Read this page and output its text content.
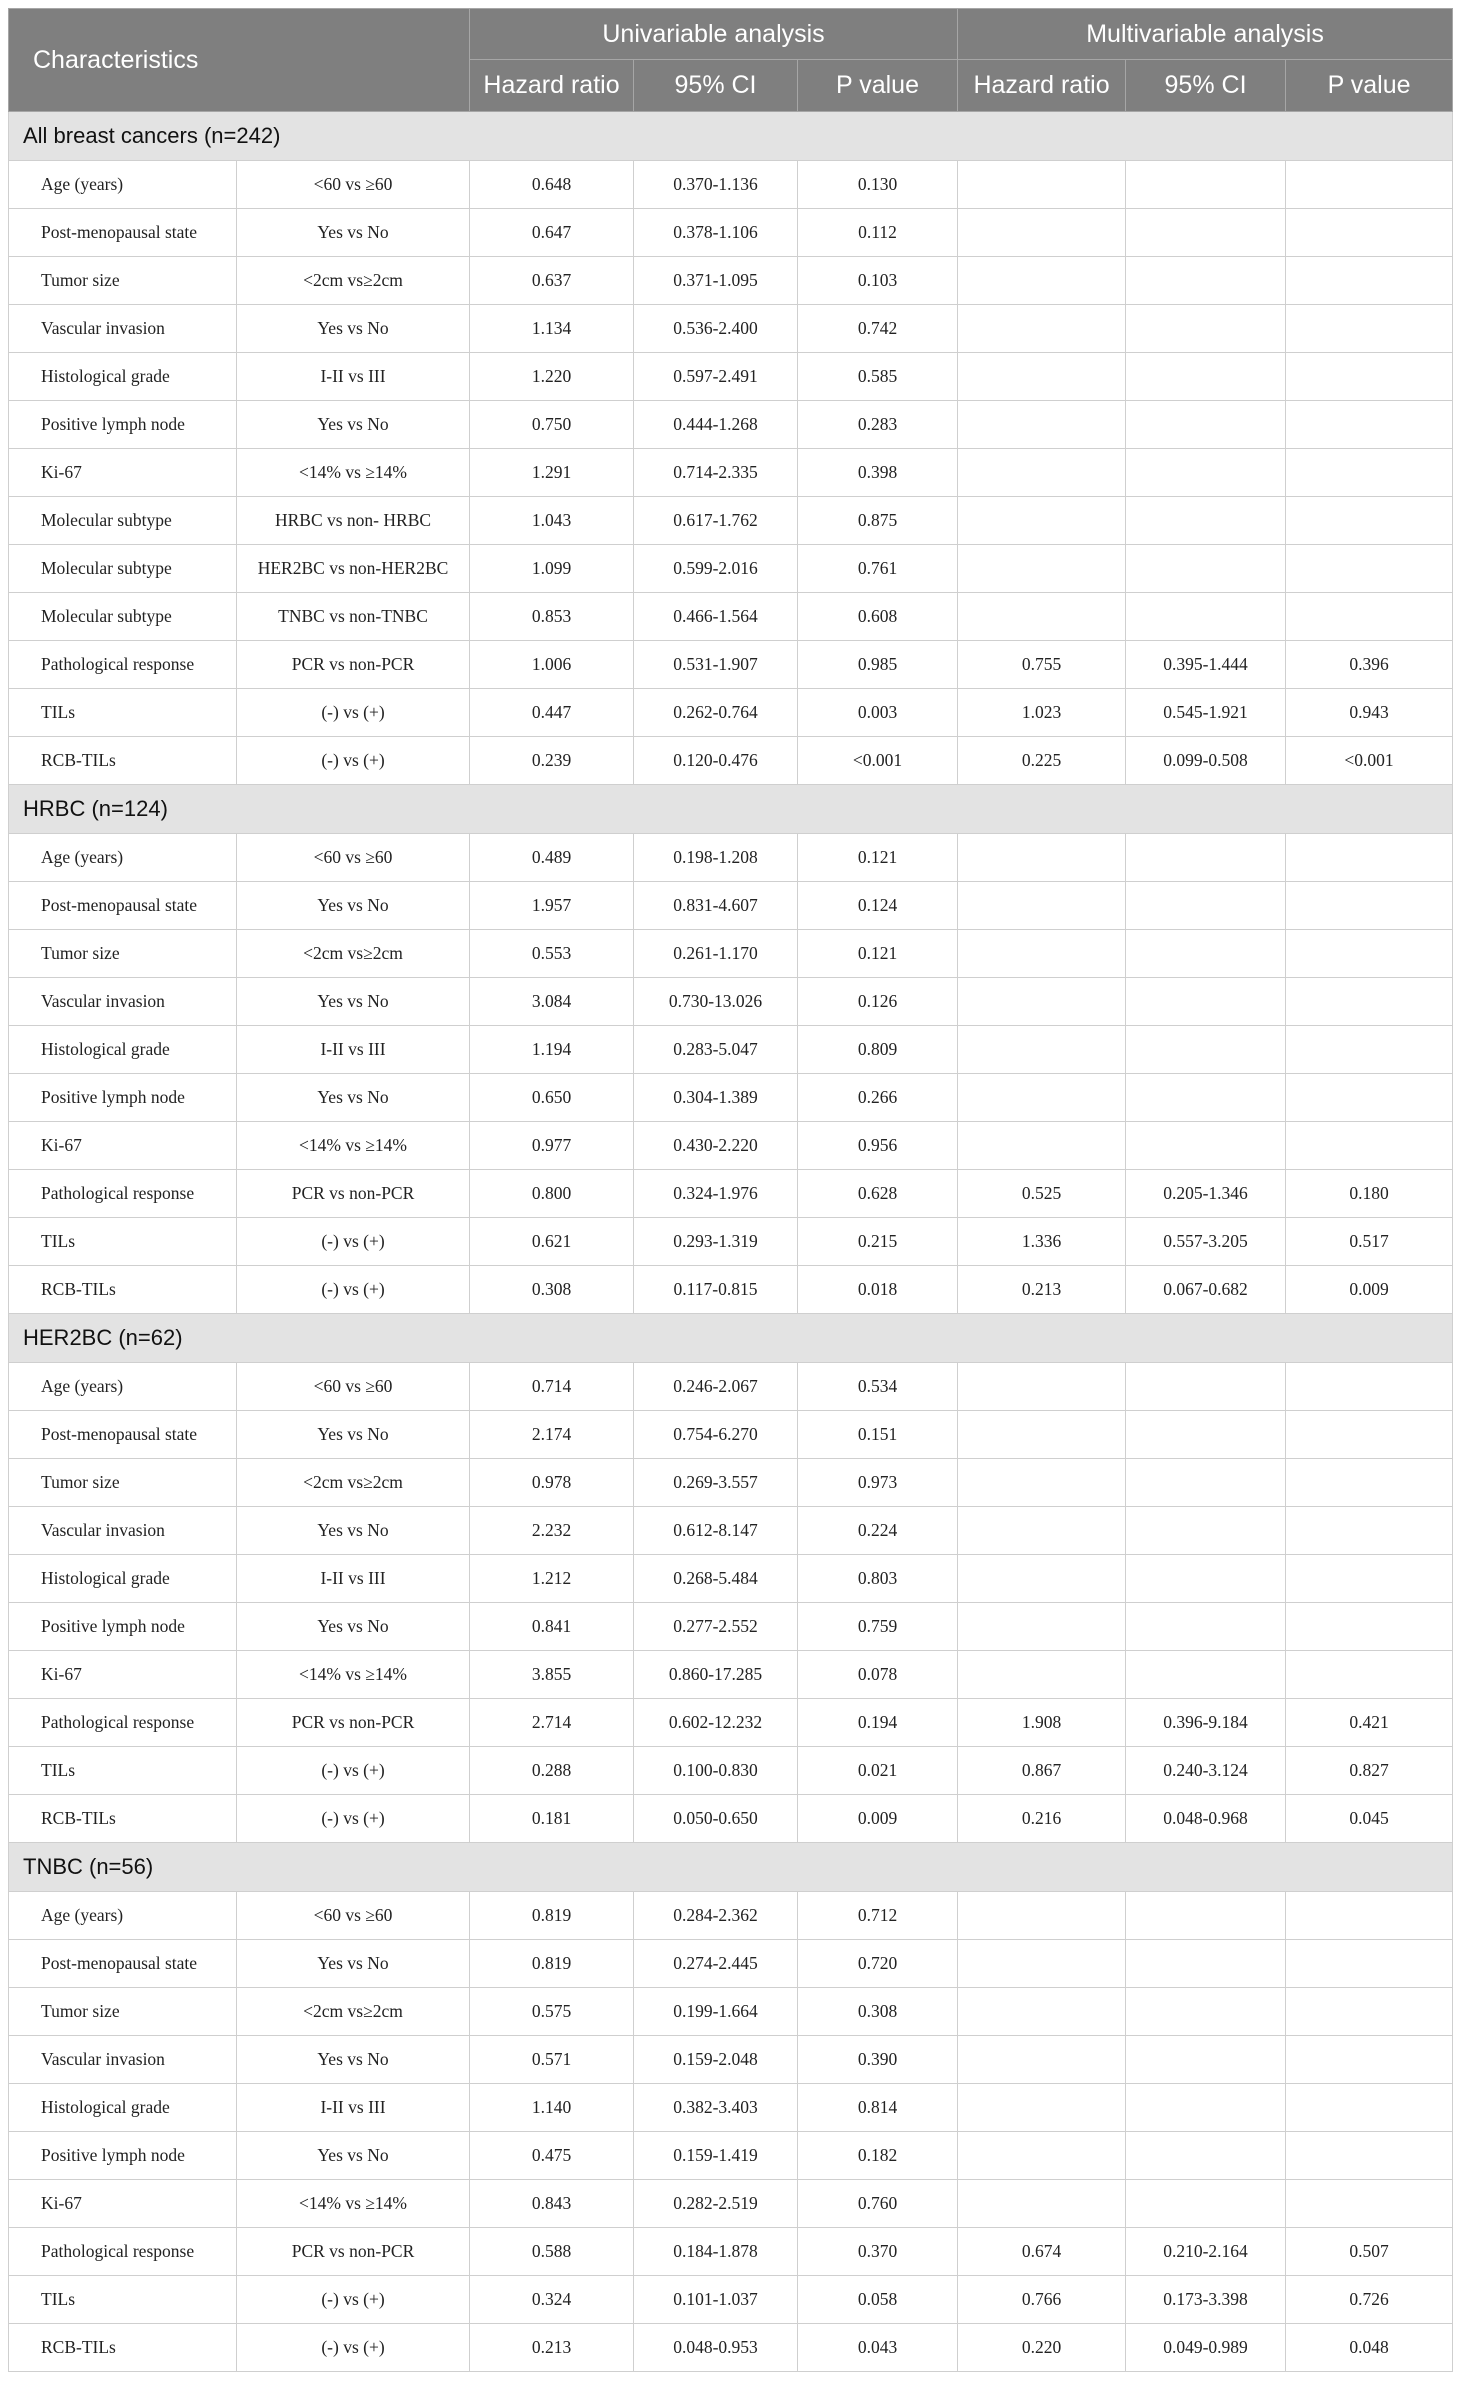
Characteristics		Univariable analysis			Multivariable analysis		
		Hazard ratio	95% CI	P value	Hazard ratio	95% CI	P value
All breast cancers (n=242)							
Age (years)	<60 vs ≥60	0.648	0.370-1.136	0.130			
Post-menopausal state	Yes vs No	0.647	0.378-1.106	0.112			
Tumor size	<2cm vs≥2cm	0.637	0.371-1.095	0.103			
Vascular invasion	Yes vs No	1.134	0.536-2.400	0.742			
Histological grade	I-II vs III	1.220	0.597-2.491	0.585			
Positive lymph node	Yes vs No	0.750	0.444-1.268	0.283			
Ki-67	<14% vs ≥14%	1.291	0.714-2.335	0.398			
Molecular subtype	HRBC vs non- HRBC	1.043	0.617-1.762	0.875			
Molecular subtype	HER2BC vs non-HER2BC	1.099	0.599-2.016	0.761			
Molecular subtype	TNBC vs non-TNBC	0.853	0.466-1.564	0.608			
Pathological response	PCR vs non-PCR	1.006	0.531-1.907	0.985	0.755	0.395-1.444	0.396
TILs	(-) vs (+)	0.447	0.262-0.764	0.003	1.023	0.545-1.921	0.943
RCB-TILs	(-) vs (+)	0.239	0.120-0.476	<0.001	0.225	0.099-0.508	<0.001
HRBC (n=124)							
Age (years)	<60 vs ≥60	0.489	0.198-1.208	0.121			
Post-menopausal state	Yes vs No	1.957	0.831-4.607	0.124			
Tumor size	<2cm vs≥2cm	0.553	0.261-1.170	0.121			
Vascular invasion	Yes vs No	3.084	0.730-13.026	0.126			
Histological grade	I-II vs III	1.194	0.283-5.047	0.809			
Positive lymph node	Yes vs No	0.650	0.304-1.389	0.266			
Ki-67	<14% vs ≥14%	0.977	0.430-2.220	0.956			
Pathological response	PCR vs non-PCR	0.800	0.324-1.976	0.628	0.525	0.205-1.346	0.180
TILs	(-) vs (+)	0.621	0.293-1.319	0.215	1.336	0.557-3.205	0.517
RCB-TILs	(-) vs (+)	0.308	0.117-0.815	0.018	0.213	0.067-0.682	0.009
HER2BC (n=62)							
Age (years)	<60 vs ≥60	0.714	0.246-2.067	0.534			
Post-menopausal state	Yes vs No	2.174	0.754-6.270	0.151			
Tumor size	<2cm vs≥2cm	0.978	0.269-3.557	0.973			
Vascular invasion	Yes vs No	2.232	0.612-8.147	0.224			
Histological grade	I-II vs III	1.212	0.268-5.484	0.803			
Positive lymph node	Yes vs No	0.841	0.277-2.552	0.759			
Ki-67	<14% vs ≥14%	3.855	0.860-17.285	0.078			
Pathological response	PCR vs non-PCR	2.714	0.602-12.232	0.194	1.908	0.396-9.184	0.421
TILs	(-) vs (+)	0.288	0.100-0.830	0.021	0.867	0.240-3.124	0.827
RCB-TILs	(-) vs (+)	0.181	0.050-0.650	0.009	0.216	0.048-0.968	0.045
TNBC (n=56)							
Age (years)	<60 vs ≥60	0.819	0.284-2.362	0.712			
Post-menopausal state	Yes vs No	0.819	0.274-2.445	0.720			
Tumor size	<2cm vs≥2cm	0.575	0.199-1.664	0.308			
Vascular invasion	Yes vs No	0.571	0.159-2.048	0.390			
Histological grade	I-II vs III	1.140	0.382-3.403	0.814			
Positive lymph node	Yes vs No	0.475	0.159-1.419	0.182			
Ki-67	<14% vs ≥14%	0.843	0.282-2.519	0.760			
Pathological response	PCR vs non-PCR	0.588	0.184-1.878	0.370	0.674	0.210-2.164	0.507
TILs	(-) vs (+)	0.324	0.101-1.037	0.058	0.766	0.173-3.398	0.726
RCB-TILs	(-) vs (+)	0.213	0.048-0.953	0.043	0.220	0.049-0.989	0.048
